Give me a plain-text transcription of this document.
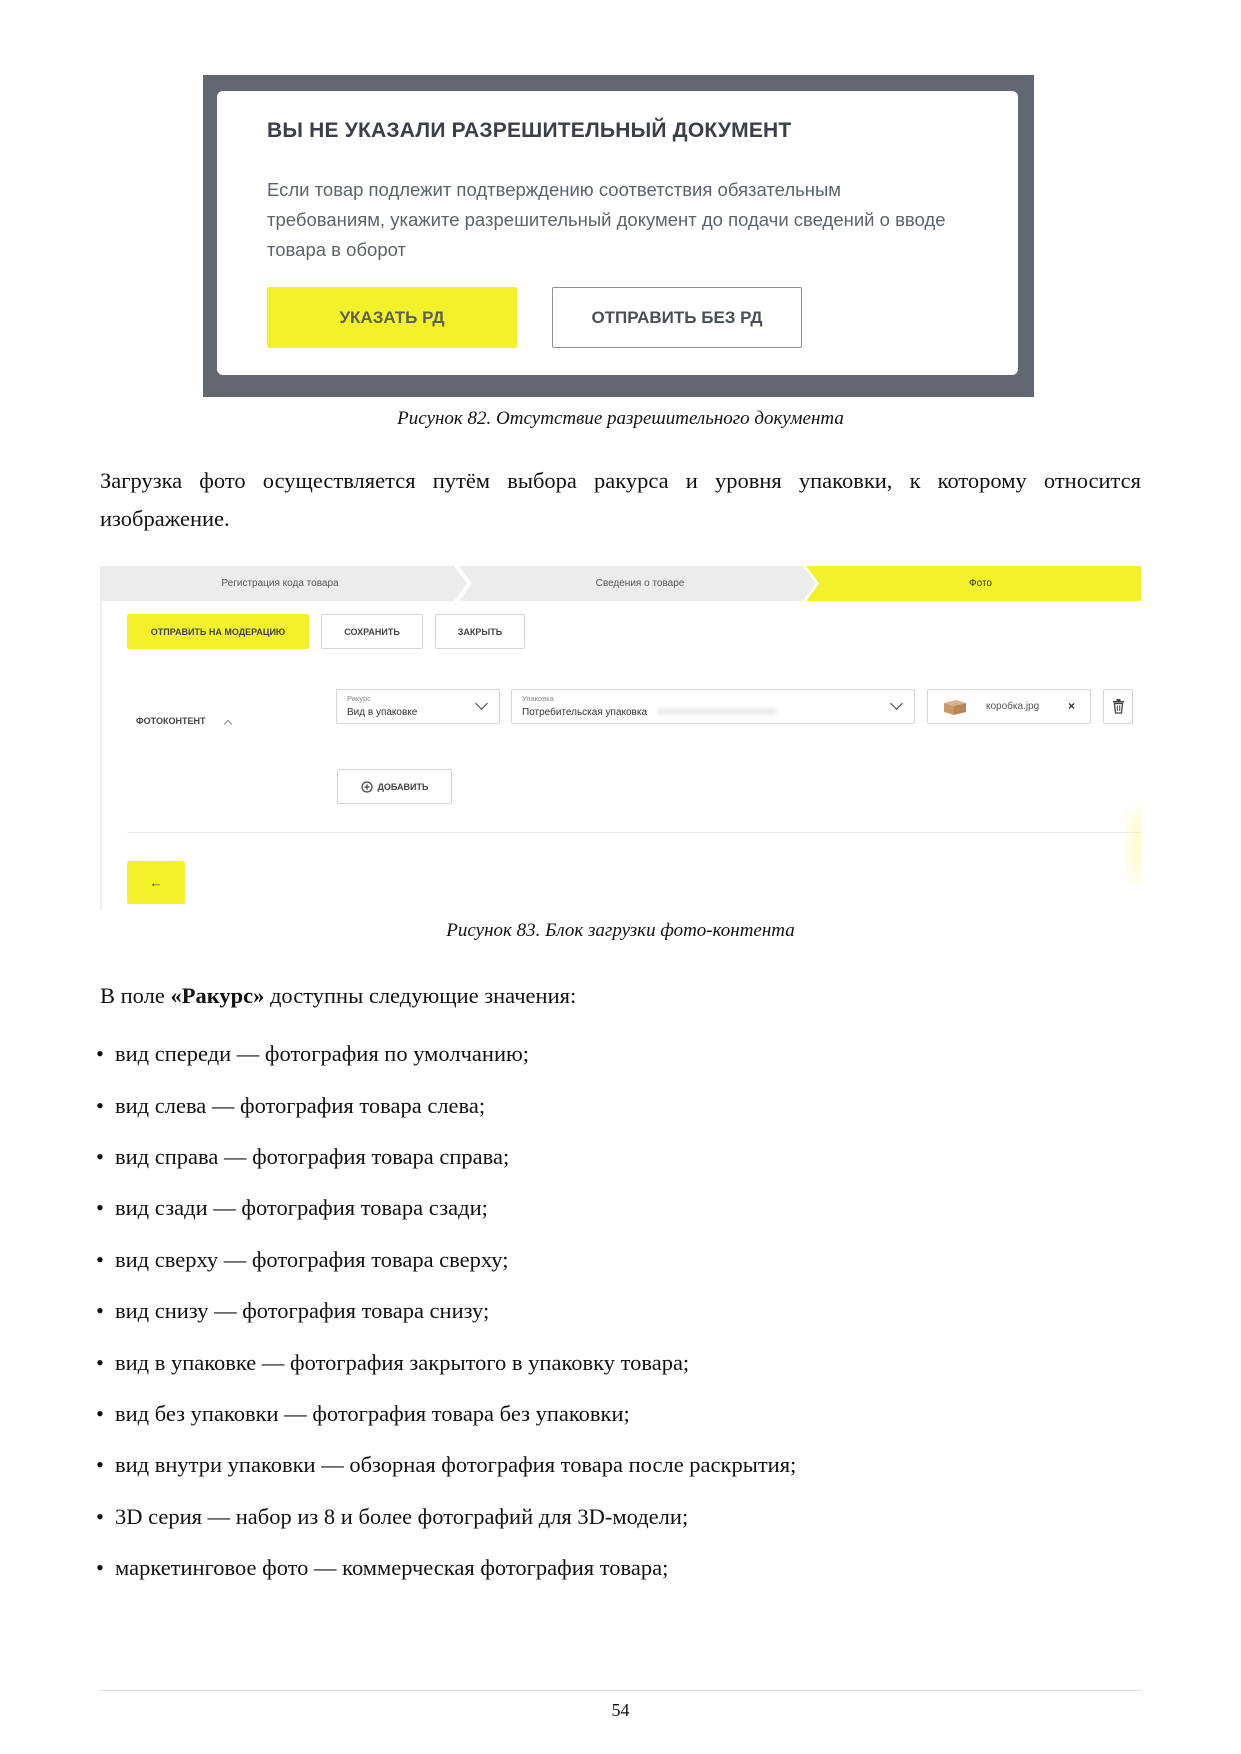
ВЫ НЕ УКАЗАЛИ РАЗРЕШИТЕЛЬНЫЙ ДОКУМЕНТ
Если товар подлежит подтверждению соответствия обязательным требованиям, укажите разрешительный документ до подачи сведений о вводе товара в оборот
УКАЗАТЬ РД	ОТПРАВИТЬ БЕЗ РД
Рисунок 82. Отсутствие разрешительного документа
Загрузка фото осуществляется путём выбора ракурса и уровня упаковки, к которому относится изображение.
Регистрация кода товара	Сведения о товаре	Фото
ОТПРАВИТЬ НА МОДЕРАЦИЮ	СОХРАНИТЬ	ЗАКРЫТЬ
ФОТОКОНТЕНТ
Ракурс
Вид в упаковке
Упаковка
Потребительская упаковка
коробка.jpg ×
ДОБАВИТЬ
←
Рисунок 83. Блок загрузки фото-контента
В поле «Ракурс» доступны следующие значения:
• вид спереди — фотография по умолчанию;
• вид слева — фотография товара слева;
• вид справа — фотография товара справа;
• вид сзади — фотография товара сзади;
• вид сверху — фотография товара сверху;
• вид снизу — фотография товара снизу;
• вид в упаковке — фотография закрытого в упаковку товара;
• вид без упаковки — фотография товара без упаковки;
• вид внутри упаковки — обзорная фотография товара после раскрытия;
• 3D серия — набор из 8 и более фотографий для 3D-модели;
• маркетинговое фото — коммерческая фотография товара;
54
